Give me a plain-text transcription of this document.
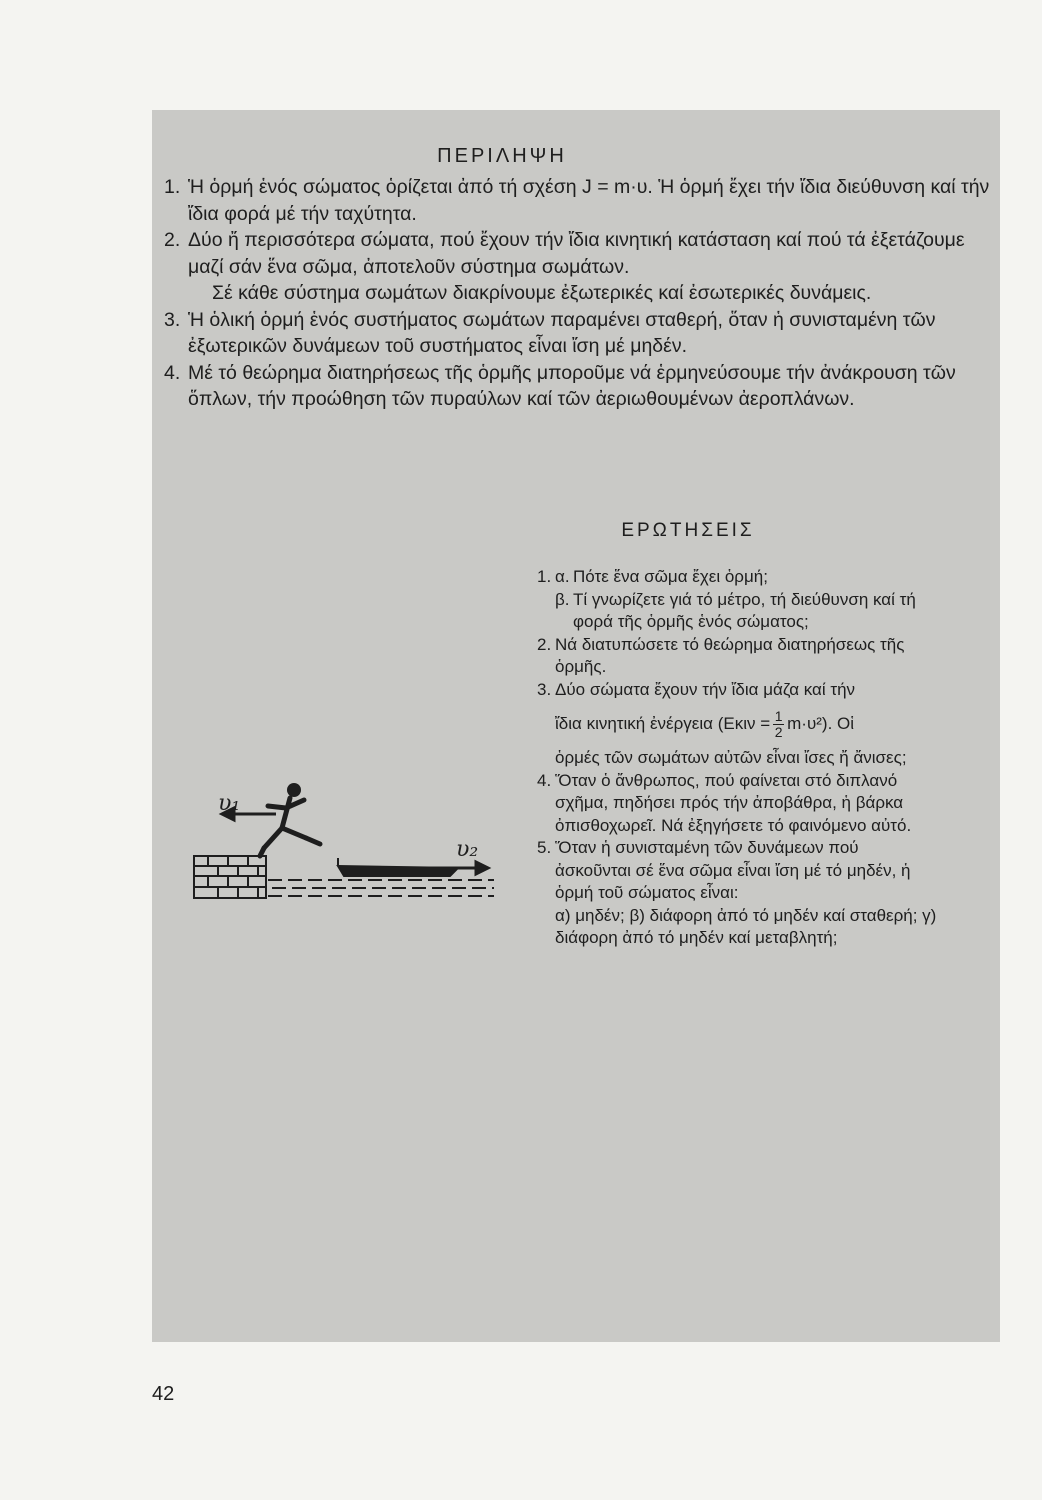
ΠΕΡΙΛΗΨΗ
1. Ἡ ὁρμή ἑνός σώματος ὁρίζεται ἀπό τή σχέση J = m·υ. Ἡ ὁρμή ἔχει τήν ἴδια διεύθυνση καί τήν ἴδια φορά μέ τήν ταχύτητα.
2. Δύο ἤ περισσότερα σώματα, πού ἔχουν τήν ἴδια κινητική κατάσταση καί πού τά ἐξετάζουμε μαζί σάν ἕνα σῶμα, ἀποτελοῦν σύστημα σωμάτων.
Σέ κάθε σύστημα σωμάτων διακρίνουμε ἐξωτερικές καί ἐσωτερικές δυνάμεις.
3. Ἡ ὁλική ὁρμή ἑνός συστήματος σωμάτων παραμένει σταθερή, ὅταν ἡ συνισταμένη τῶν ἐξωτερικῶν δυνάμεων τοῦ συστήματος εἶναι ἴση μέ μηδέν.
4. Μέ τό θεώρημα διατηρήσεως τῆς ὁρμῆς μποροῦμε νά ἑρμηνεύσουμε τήν ἀνάκρουση τῶν ὅπλων, τήν προώθηση τῶν πυραύλων καί τῶν ἀεριωθουμένων ἀεροπλάνων.
ΕΡΩΤΗΣΕΙΣ
1. α. Πότε ἕνα σῶμα ἔχει ὁρμή;
β. Τί γνωρίζετε γιά τό μέτρο, τή διεύθυνση καί τή φορά τῆς ὁρμῆς ἑνός σώματος;
2. Νά διατυπώσετε τό θεώρημα διατηρήσεως τῆς ὁρμῆς.
3. Δύο σώματα ἔχουν τήν ἴδια μάζα καί τήν
ἴδια κινητική ἐνέργεια $(E\kappa\iota\nu = \frac{1}{2} m\cdot\upsilon^2)$. Οἱ
ὁρμές τῶν σωμάτων αὐτῶν εἶναι ἴσες ἤ ἄνισες;
4. Ὅταν ὁ ἄνθρωπος, πού φαίνεται στό διπλανό σχῆμα, πηδήσει πρός τήν ἀποβάθρα, ἡ βάρκα ὀπισθοχωρεῖ. Νά ἐξηγήσετε τό φαινόμενο αὐτό.
5. Ὅταν ἡ συνισταμένη τῶν δυνάμεων πού ἀσκοῦνται σέ ἕνα σῶμα εἶναι ἴση μέ τό μηδέν, ἡ ὁρμή τοῦ σώματος εἶναι:
α) μηδέν; β) διάφορη ἀπό τό μηδέν καί σταθερή; γ) διάφορη ἀπό τό μηδέν καί μεταβλητή;
υ₁
υ₂
42
